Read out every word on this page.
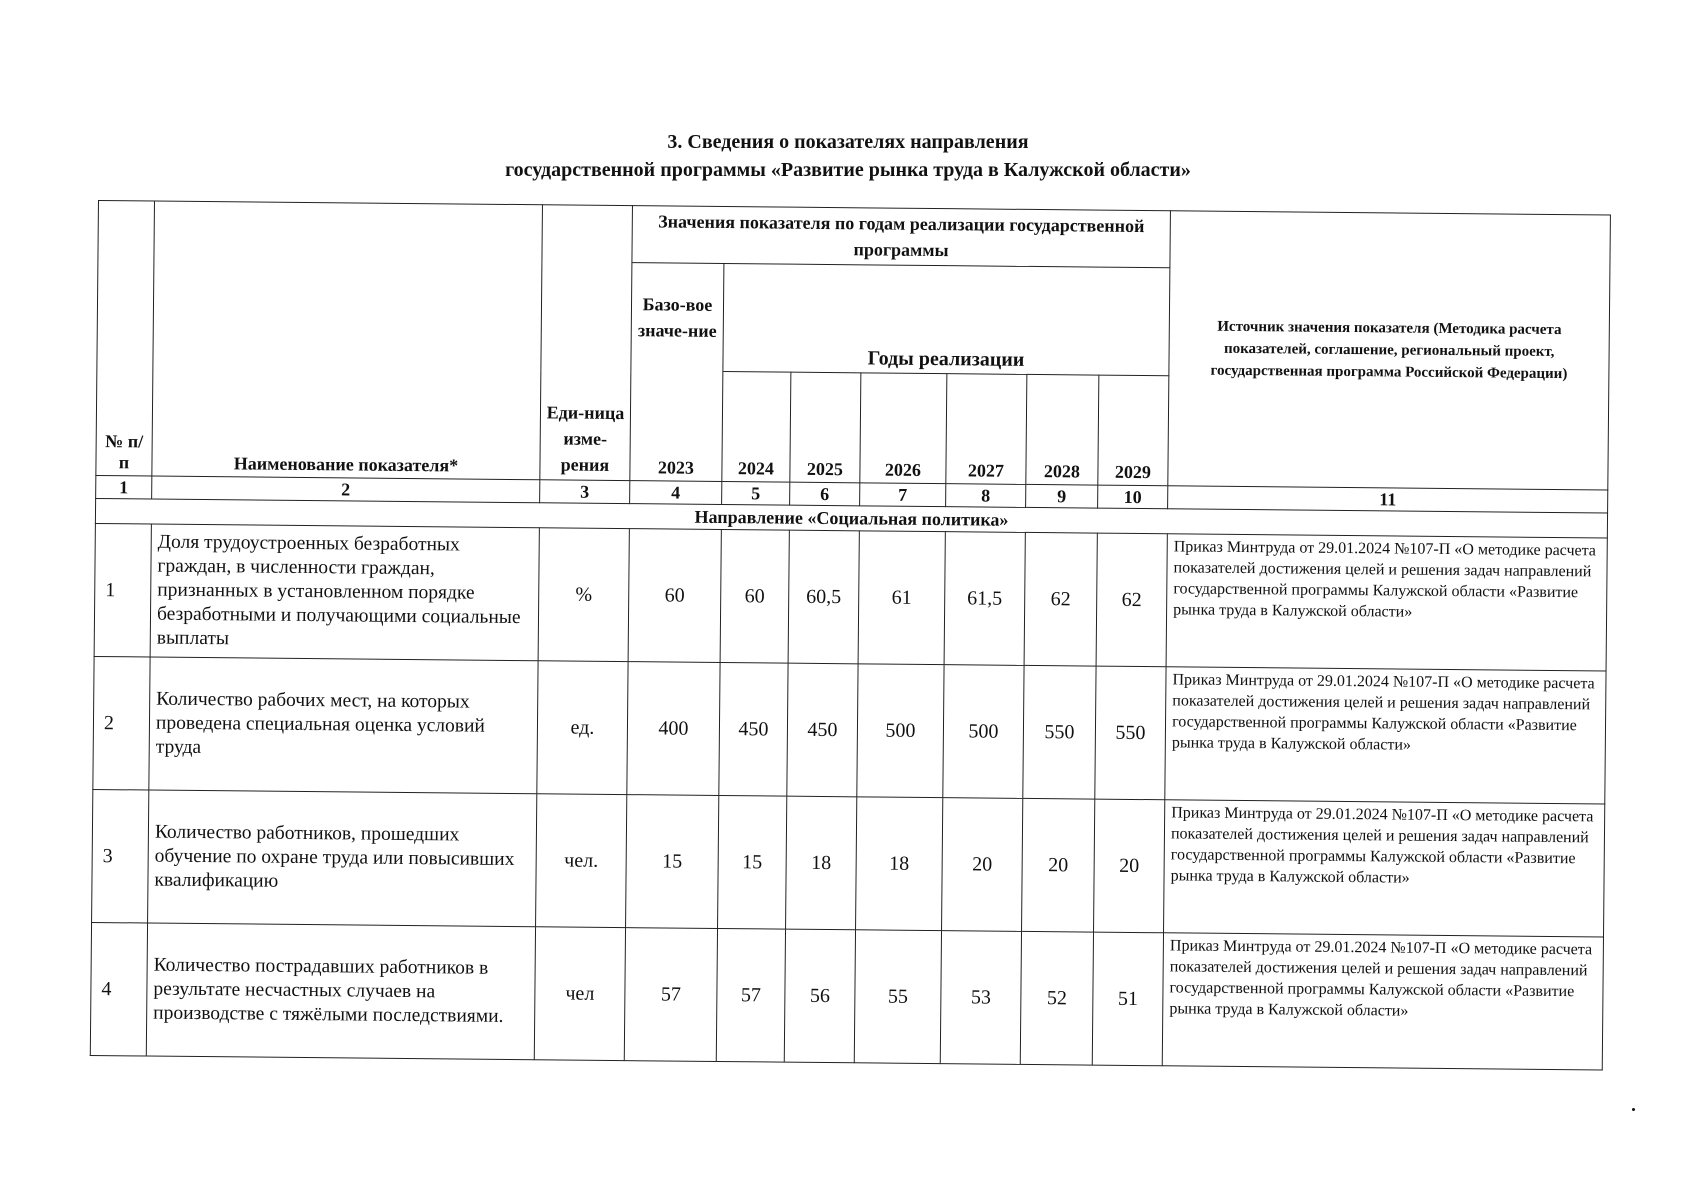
3. Сведения о показателях направления
государственной программы «Развитие рынка труда в Калужской области»
№ п/п	Наименование показателя*	Еди-ница изме-рения	Значения показателя по годам реализации государственной программы							Источник значения показателя (Методика расчета показателей, соглашение, региональный проект, государственная программа Российской Федерации)
			Базо-вое значе-ние	Годы реализации						
			2023	2024	2025	2026	2027	2028	2029	
1	2	3	4	5	6	7	8	9	10	11
Направление «Социальная политика»										
1	Доля трудоустроенных безработных граждан, в численности граждан, признанных в установленном порядке безработными и получающими социальные выплаты	%	60	60	60,5	61	61,5	62	62	Приказ Минтруда от 29.01.2024 №107-П «О методике расчета показателей достижения целей и решения задач направлений государственной программы Калужской области «Развитие рынка труда в Калужской области»
2	Количество рабочих мест, на которых проведена специальная оценка условий труда	ед.	400	450	450	500	500	550	550	Приказ Минтруда от 29.01.2024 №107-П «О методике расчета показателей достижения целей и решения задач направлений государственной программы Калужской области «Развитие рынка труда в Калужской области»
3	Количество работников, прошедших обучение по охране труда или повысивших квалификацию	чел.	15	15	18	18	20	20	20	Приказ Минтруда от 29.01.2024 №107-П «О методике расчета показателей достижения целей и решения задач направлений государственной программы Калужской области «Развитие рынка труда в Калужской области»
4	Количество пострадавших работников в результате несчастных случаев на производстве с тяжёлыми последствиями.	чел	57	57	56	55	53	52	51	Приказ Минтруда от 29.01.2024 №107-П «О методике расчета показателей достижения целей и решения задач направлений государственной программы Калужской области «Развитие рынка труда в Калужской области»
